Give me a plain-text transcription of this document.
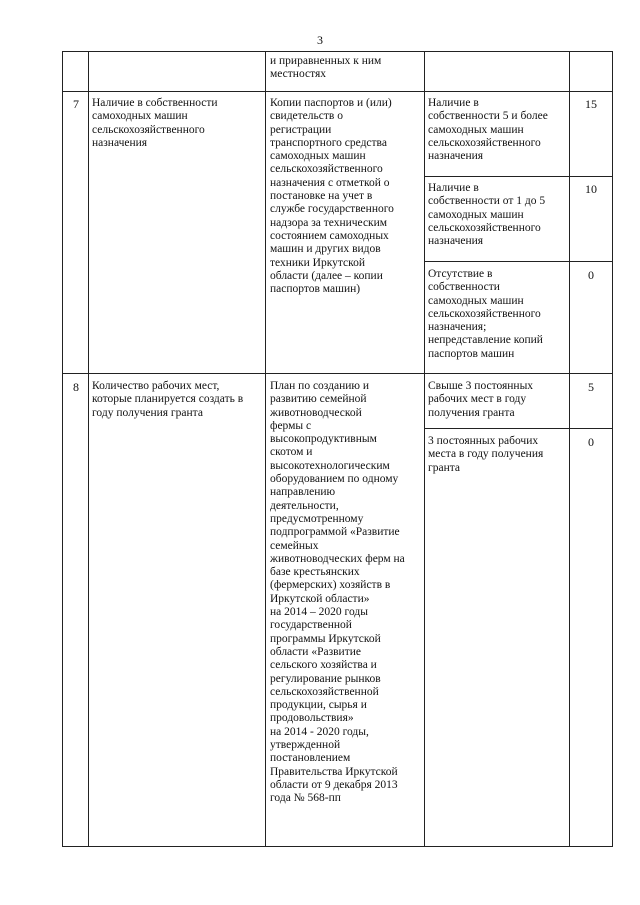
3
и приравненных к ним
местностях
7 Наличие в собственности
самоходных машин
сельскохозяйственного
назначения
Копии паспортов и (или)
свидетельств о
регистрации
транспортного средства
самоходных машин
сельскохозяйственного
назначения с отметкой о
постановке на учет в
службе государственного
надзора за техническим
состоянием самоходных
машин и других видов
техники Иркутской
области (далее – копии
паспортов машин)
Наличие в
собственности 5 и более
самоходных машин
сельскохозяйственного
назначения
15
Наличие в
собственности от 1 до 5
самоходных машин
сельскохозяйственного
назначения
10
Отсутствие в
собственности
самоходных машин
сельскохозяйственного
назначения;
непредставление копий
паспортов машин
0
8 Количество рабочих мест,
которые планируется создать в
году получения гранта
План по созданию и
развитию семейной
животноводческой
фермы с
высокопродуктивным
скотом и
высокотехнологическим
оборудованием по одному
направлению
деятельности,
предусмотренному
подпрограммой «Развитие
семейных
животноводческих ферм на
базе крестьянских
(фермерских) хозяйств в
Иркутской области»
на 2014 – 2020 годы
государственной
программы Иркутской
области «Развитие
сельского хозяйства и
регулирование рынков
сельскохозяйственной
продукции, сырья и
продовольствия»
на 2014 - 2020 годы,
утвержденной
постановлением
Правительства Иркутской
области от 9 декабря 2013
года № 568-пп
Свыше 3 постоянных
рабочих мест в году
получения гранта
5
3 постоянных рабочих
места в году получения
гранта
0
